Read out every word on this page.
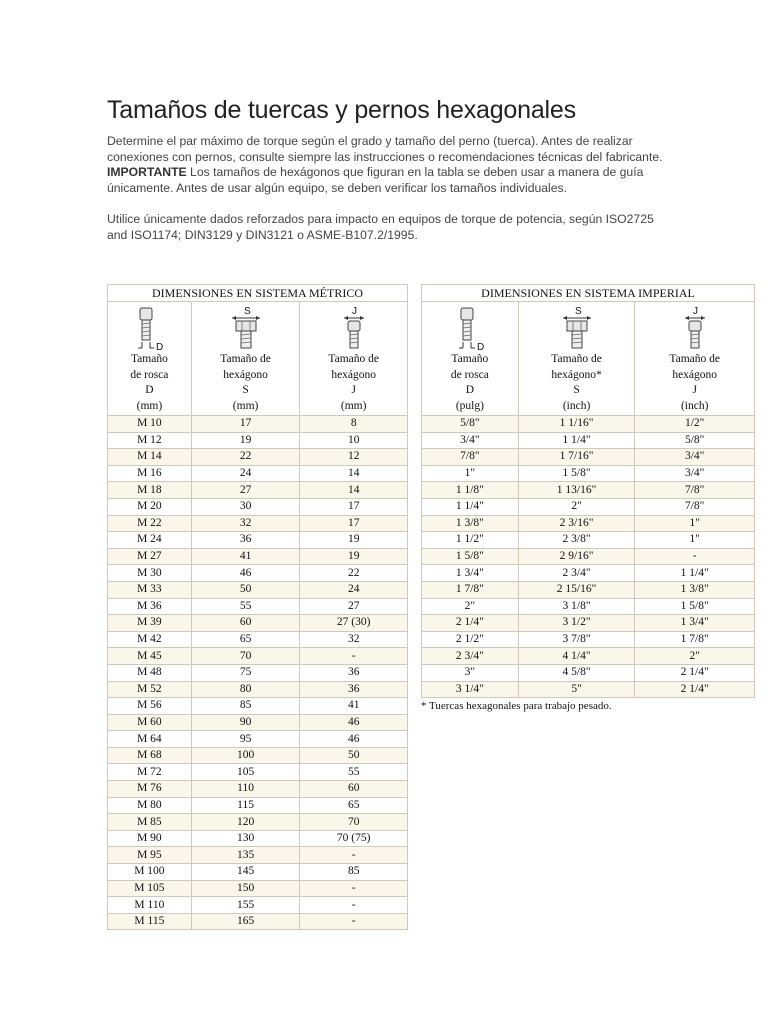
Tamaños de tuercas y pernos hexagonales

Determine el par máximo de torque según el grado y tamaño del perno (tuerca). Antes de realizar conexiones con pernos, consulte siempre las instrucciones o recomendaciones técnicas del fabricante.

IMPORTANTE Los tamaños de hexágonos que figuran en la tabla se deben usar a manera de guía únicamente. Antes de usar algún equipo, se deben verificar los tamaños individuales.

Utilice únicamente dados reforzados para impacto en equipos de torque de potencia, según ISO2725 and ISO1174; DIN3129 y DIN3121 o ASME-B107.2/1995.

DIMENSIONES EN SISTEMA MÉTRICO		

D
Tamaño
de rosca
D
(mm)	S
Tamaño de
hexágono
S
(mm)	J
Tamaño de
hexágono
J
(mm)
M 10	17	8
M 12	19	10
M 14	22	12
M 16	24	14
M 18	27	14
M 20	30	17
M 22	32	17
M 24	36	19
M 27	41	19
M 30	46	22
M 33	50	24
M 36	55	27
M 39	60	27 (30)
M 42	65	32
M 45	70	-
M 48	75	36
M 52	80	36
M 56	85	41
M 60	90	46
M 64	95	46
M 68	100	50
M 72	105	55
M 76	110	60
M 80	115	65
M 85	120	70
M 90	130	70 (75)
M 95	135	-
M 100	145	85
M 105	150	-
M 110	155	-
M 115	165	-
DIMENSIONES EN SISTEMA IMPERIAL		

D
Tamaño
de rosca
D
(pulg)	S
Tamaño de
hexágono*
S
(inch)	J
Tamaño de
hexágono
J
(inch)
5/8"	1 1/16"	1/2"
3/4"	1 1/4"	5/8"
7/8"	1 7/16"	3/4"
1"	1 5/8"	3/4"
1 1/8"	1 13/16"	7/8"
1 1/4"	2"	7/8"
1 3/8"	2 3/16"	1"
1 1/2"	2 3/8"	1"
1 5/8"	2 9/16"	-
1 3/4"	2 3/4"	1 1/4"
1 7/8"	2 15/16"	1 3/8"
2"	3 1/8"	1 5/8"
2 1/4"	3 1/2"	1 3/4"
2 1/2"	3 7/8"	1 7/8"
2 3/4"	4 1/4"	2"
3"	4 5/8"	2 1/4"
3 1/4"	5"	2 1/4"
* Tuercas hexagonales para trabajo pesado.
